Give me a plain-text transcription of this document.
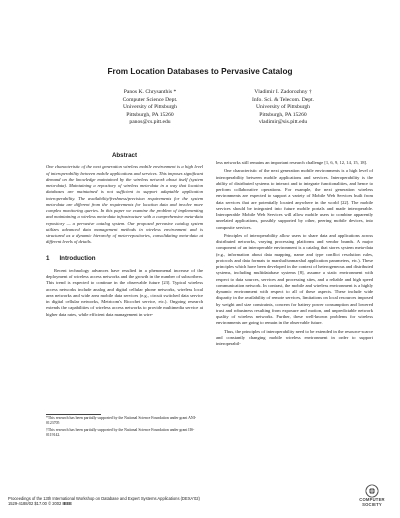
From Location Databases to Pervasive Catalog
Panos K. Chrysanthis *
Computer Science Dept.
University of Pittsburgh
Pittsburgh, PA 15260
panos@cs.pitt.edu
Vladimir I. Zadorozhny †
Info. Sci. & Telecom. Dept.
University of Pittsburgh
Pittsburgh, PA 15260
vladimir@sis.pitt.edu
Abstract

One characteristic of the next generation wireless mobile environment is a high level of interoperability between mobile applications and services. This imposes significant demand on the knowledge maintained by the wireless network about itself (system meta-data). Maintaining a repository of wireless meta-data in a way that location databases are maintained is not sufficient to support adaptable application interoperability. The availability/freshness/precision requirements for the system meta-data are different from the requirements for location data and involve more complex monitoring queries. In this paper we examine the problem of implementing and maintaining a wireless meta-data infrastructure with a comprehensive meta-data repository — a pervasive catalog system. Our proposed pervasive catalog system utilizes advanced data management methods in wireless environment and is structured as a dynamic hierarchy of meta-repositories, consolidating meta-data at different levels of details.

1 Introduction

Recent technology advances have resulted in a phenomenal increase of the deployment of wireless access networks and the growth in the number of subscribers. This trend is expected to continue in the observable future [23]. Typical wireless access networks include analog and digital cellular phone networks, wireless local area networks and wide area mobile data services (e.g., circuit switched data service in digital cellular networks, Metricom's Ricochet service, etc.). Ongoing research extends the capabilities of wireless access networks to provide multimedia service at higher data rates, while efficient data management in wire-

*This research has been partially supported by the National Science Foundation under grant ANI-0123705

†This research has been partially supported by the National Science Foundation under grant IIS-0119142.

less networks still remains an important research challenge [1, 6, 9, 12, 14, 15, 18].

One characteristic of the next generation mobile environments is a high level of interoperability between mobile applications and services. Interoperability is the ability of distributed systems to interact and to integrate functionalities, and hence to perform collaborative operations. For example, the next generation wireless environments are expected to support a variety of Mobile Web Services built from data services that are potentially located anywhere in the world [22]. The mobile services should be integrated into future mobile portals and made interoperable. Interoperable Mobile Web Services will allow mobile users to combine apparently unrelated applications, possibly supported by other, peering mobile devices, into composite services.

Principles of interoperability allow users to share data and applications across distributed networks, varying processing platforms and vendor brands. A major component of an interoperable environment is a catalog that stores system meta-data (e.g., information about data mapping, name and type conflict resolution rules, protocols and data formats to marshal/unmarshal application parameters, etc.). These principles which have been developed in the context of heterogeneous and distributed systems, including multidatabase systems [8], assume a static environment with respect to data sources, services and processing sites, and a reliable and high speed communication network. In contrast, the mobile and wireless environment is a highly dynamic environment with respect to all of these aspects. These include wide disparity in the availability of remote services, limitations on local resources imposed by weight and size constraints, concern for battery power consumption and lowered trust and robustness resulting from exposure and motion, and unpredictable network quality of wireless networks. Further, these well-known problems for wireless environments are going to remain in the observable future.

Thus, the principles of interoperability need to be extended in the resource-scarce and constantly changing mobile wireless environment in order to support interoperabil-

Proceedings of the 13th International Workshop on Database and Expert Systems Applications (DEXA'02)
1529-4188/02 $17.00 © 2002 IEEE
COMPUTER
SOCIETY
